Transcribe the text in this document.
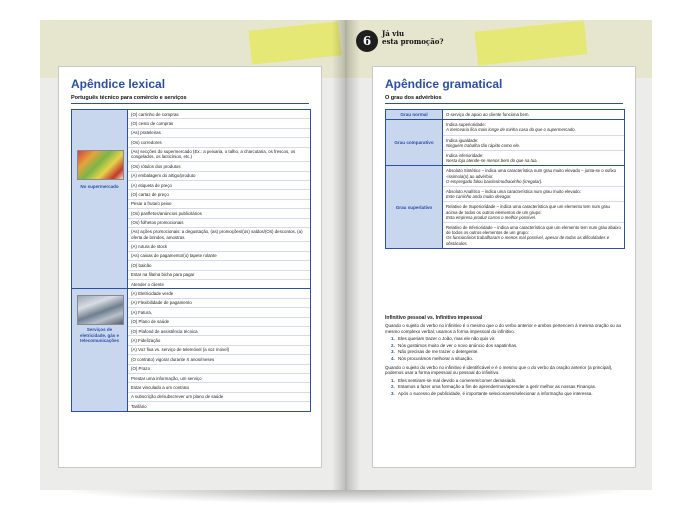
Apêndice lexical
Português técnico para comércio e serviços
No supermercado
(O) carrinho de compras
(O) cesto de compras
(As) prateleiras
(Os) corredores
(As) secções do supermercado (Ex.: a peixaria, o talho, a charcutaria, os frescos, os congelados, os lacticínios, etc.)
(Os) rótulos dos produtos
(A) embalagem do artigo/produto
(A) etiqueta de preço
(O) cartaz de preço
Pesar a fruta/o peixe
(Os) panfletos/anúncios publicitários
(Os) folhetos promocionais
(As) ações promocionais: a degustação, (as) promoções/(os) saldos/(Os) descontos, (a) oferta de brindes, amostras
(A) rutura de stock
(As) caixas de pagamento/(o) tapete rolante
(O) balcão
Estar na fila/na bicha para pagar
Atender o cliente
Serviços de eletricidade, gás e telecomunicações
(A) Eletricidade verde
(A) Flexibilidade de pagamento
(A) Fatura,
(O) Plano de saúde
(O) Plafond de assistência técnica
(A) Fidelização
(A) Voz fixa vs. serviço de telemóvel (a voz móvel)
(O contrato) vigorar durante X anos/meses
(O) Prazo
Prestar uma informação, um serviço
Estar vinculado a um contrato
A subscrição de/subscrever um plano de saúde
Tarifário
6
Já viu
esta promoção?
Apêndice gramatical
O grau dos advérbios
Grau normal	O serviço de apoio ao cliente funciona bem.
Grau comparativo
Indica superioridade:
A mercearia fica mais longe de minha casa do que o supermercado.
Indica igualdade:
Ninguém trabalha tão rápido como ele.
Indica inferioridade:
Nesta loja atende-se menos bem do que na tua.
Grau superlativo
Absoluto Sintético – indica uma característica num grau muito elevado – junta-se o sufixo -íssimo/a(s) ao advérbio:
O empregado falou baixíssimo/baixinho (irregular).
Absoluto Analítico – indica uma característica num grau muito elevado:
Este carrinho anda muito devagar.
Relativo de Superioridade – indica uma característica que um elemento tem num grau acima de todos os outros elementos de um grupo:
Esta empresa produz carros o melhor possível.
Relativo de Inferioridade – indica uma característica que um elemento tem num grau abaixo de todos os outros elementos de um grupo:
Os funcionários trabalharam o menos mal possível, apesar de todas as dificuldades e obstáculos.
Infinitivo pessoal vs. Infinitivo impessoal
Quando o sujeito do verbo no infinitivo é o mesmo que o do verbo anterior e ambos pertencem à mesma oração ou ao mesmo complexo verbal, usamos a forma impessoal do infinitivo.
1. Eles queriam trazer o João, mas ele não quis vir.
2. Nós gostámos muito de ver o novo anúncio dos sapatinhas.
3. Não precisas de me trazer o detergente.
4. Nós procurámos melhorar a situação.
Quando o sujeito do verbo no infinitivo é identificável e é o mesmo que o do verbo da oração anterior (a principal), podemos usar a forma impessoal ou pessoal do infinitivo.
1. Eles sentiram-se mal devido a comerem/comer demasiado.
2. Estamos a fazer uma formação a fim de aprendermos/aprender a gerir melhor as nossas Finanças.
3. Após o sucesso de publicidade, é importante selecionares/selecionar a informação que interessa.
